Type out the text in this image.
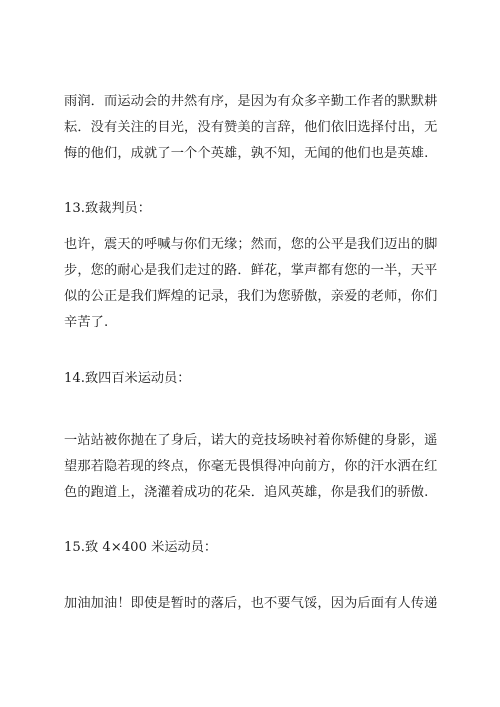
雨润．而运动会的井然有序，是因为有众多辛勤工作者的默默耕
耘．没有关注的目光，没有赞美的言辞，他们依旧选择付出，无
悔的他们，成就了一个个英雄，孰不知，无闻的他们也是英雄.
13.致裁判员：
也许，震天的呼喊与你们无缘；然而，您的公平是我们迈出的脚
步，您的耐心是我们走过的路．鲜花，掌声都有您的一半，天平
似的公正是我们辉煌的记录，我们为您骄傲，亲爱的老师，你们
辛苦了.
14.致四百米运动员：
一站站被你抛在了身后，诺大的竞技场映衬着你矫健的身影，遥
望那若隐若现的终点，你毫无畏惧得冲向前方，你的汗水洒在红
色的跑道上，浇灌着成功的花朵．追风英雄，你是我们的骄傲.
15.致 4×400 米运动员：
加油加油！即使是暂时的落后，也不要气馁，因为后面有人传递
